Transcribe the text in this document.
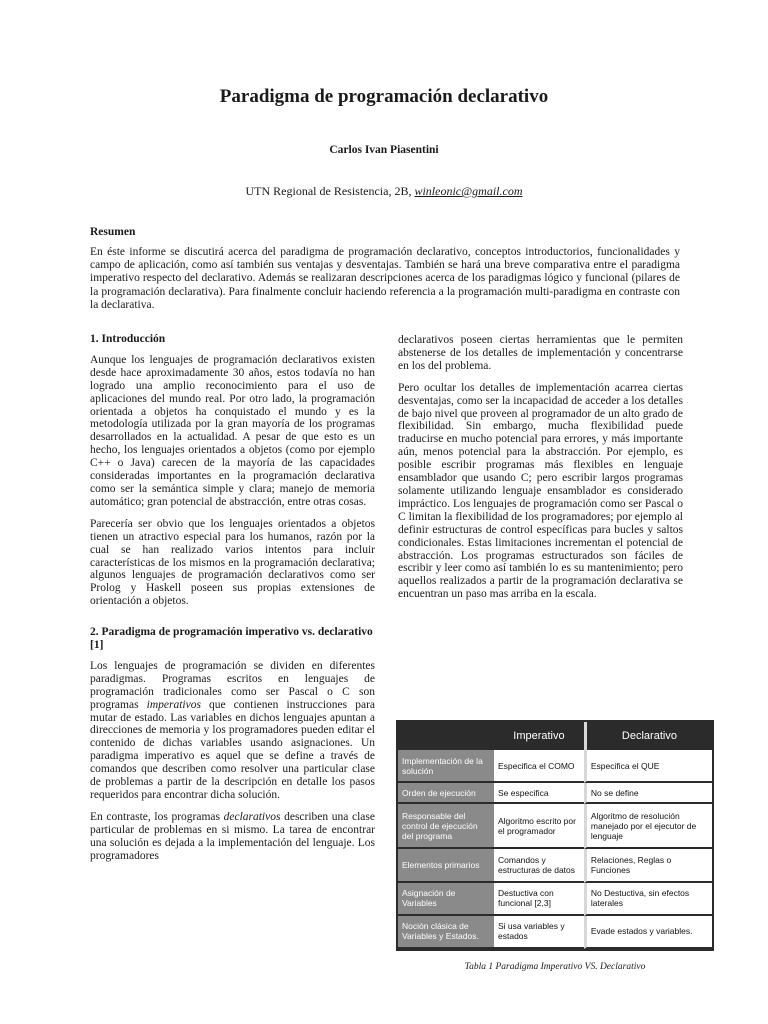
Paradigma de programación declarativo
Carlos Ivan Piasentini
UTN Regional de Resistencia, 2B, winleonic@gmail.com
Resumen
En éste informe se discutirá acerca del paradigma de programación declarativo, conceptos introductorios, funcionalidades y campo de aplicación, como así también sus ventajas y desventajas. También se hará una breve comparativa entre el paradigma imperativo respecto del declarativo. Además se realizaran descripciones acerca de los paradigmas lógico y funcional (pilares de la programación declarativa). Para finalmente concluir haciendo referencia a la programación multi-paradigma en contraste con la declarativa.
1. Introducción

Aunque los lenguajes de programación declarativos existen desde hace aproximadamente 30 años, estos todavía no han logrado una amplio reconocimiento para el uso de aplicaciones del mundo real. Por otro lado, la programación orientada a objetos ha conquistado el mundo y es la metodología utilizada por la gran mayoría de los programas desarrollados en la actualidad. A pesar de que esto es un hecho, los lenguajes orientados a objetos (como por ejemplo C++ o Java) carecen de la mayoría de las capacidades consideradas importantes en la programación declarativa como ser la semántica simple y clara; manejo de memoria automático; gran potencial de abstracción, entre otras cosas.

Parecería ser obvio que los lenguajes orientados a objetos tienen un atractivo especial para los humanos, razón por la cual se han realizado varios intentos para incluir características de los mismos en la programación declarativa; algunos lenguajes de programación declarativos como ser Prolog y Haskell poseen sus propias extensiones de orientación a objetos.

2. Paradigma de programación imperativo vs. declarativo [1]

Los lenguajes de programación se dividen en diferentes paradigmas. Programas escritos en lenguajes de programación tradicionales como ser Pascal o C son programas imperativos que contienen instrucciones para mutar de estado. Las variables en dichos lenguajes apuntan a direcciones de memoria y los programadores pueden editar el contenido de dichas variables usando asignaciones. Un paradigma imperativo es aquel que se define a través de comandos que describen como resolver una particular clase de problemas a partir de la descripción en detalle los pasos requeridos para encontrar dicha solución.

En contraste, los programas declarativos describen una clase particular de problemas en si mismo. La tarea de encontrar una solución es dejada a la implementación del lenguaje. Los programadores

declarativos poseen ciertas herramientas que le permiten abstenerse de los detalles de implementación y concentrarse en los del problema.

Pero ocultar los detalles de implementación acarrea ciertas desventajas, como ser la incapacidad de acceder a los detalles de bajo nivel que proveen al programador de un alto grado de flexibilidad. Sin embargo, mucha flexibilidad puede traducirse en mucho potencial para errores, y más importante aún, menos potencial para la abstracción. Por ejemplo, es posible escribir programas más flexibles en lenguaje ensamblador que usando C; pero escribir largos programas solamente utilizando lenguaje ensamblador es considerado impráctico. Los lenguajes de programación como ser Pascal o C limitan la flexibilidad de los programadores; por ejemplo al definir estructuras de control específicas para bucles y saltos condicionales. Estas limitaciones incrementan el potencial de abstracción. Los programas estructurados son fáciles de escribir y leer como así también lo es su mantenimiento; pero aquellos realizados a partir de la programación declarativa se encuentran un paso mas arriba en la escala.

	Imperativo	Declarativo
Implementación de la solución	Especifica el COMO	Especifica el QUE
Orden de ejecución	Se especifica	No se define
Responsable del control de ejecución del programa	Algoritmo escrito por el programador	Algoritmo de resolución manejado por el ejecutor de lenguaje
Elementos primarios	Comandos y estructuras de datos	Relaciones, Reglas o Funciones
Asignación de Variables	Destuctiva con funcional [2,3]	No Destuctiva, sin efectos laterales
Noción clásica de Variables y Estados.	Si usa variables y estados	Evade estados y variables.
Tabla 1 Paradigma Imperativo VS. Declarativo
